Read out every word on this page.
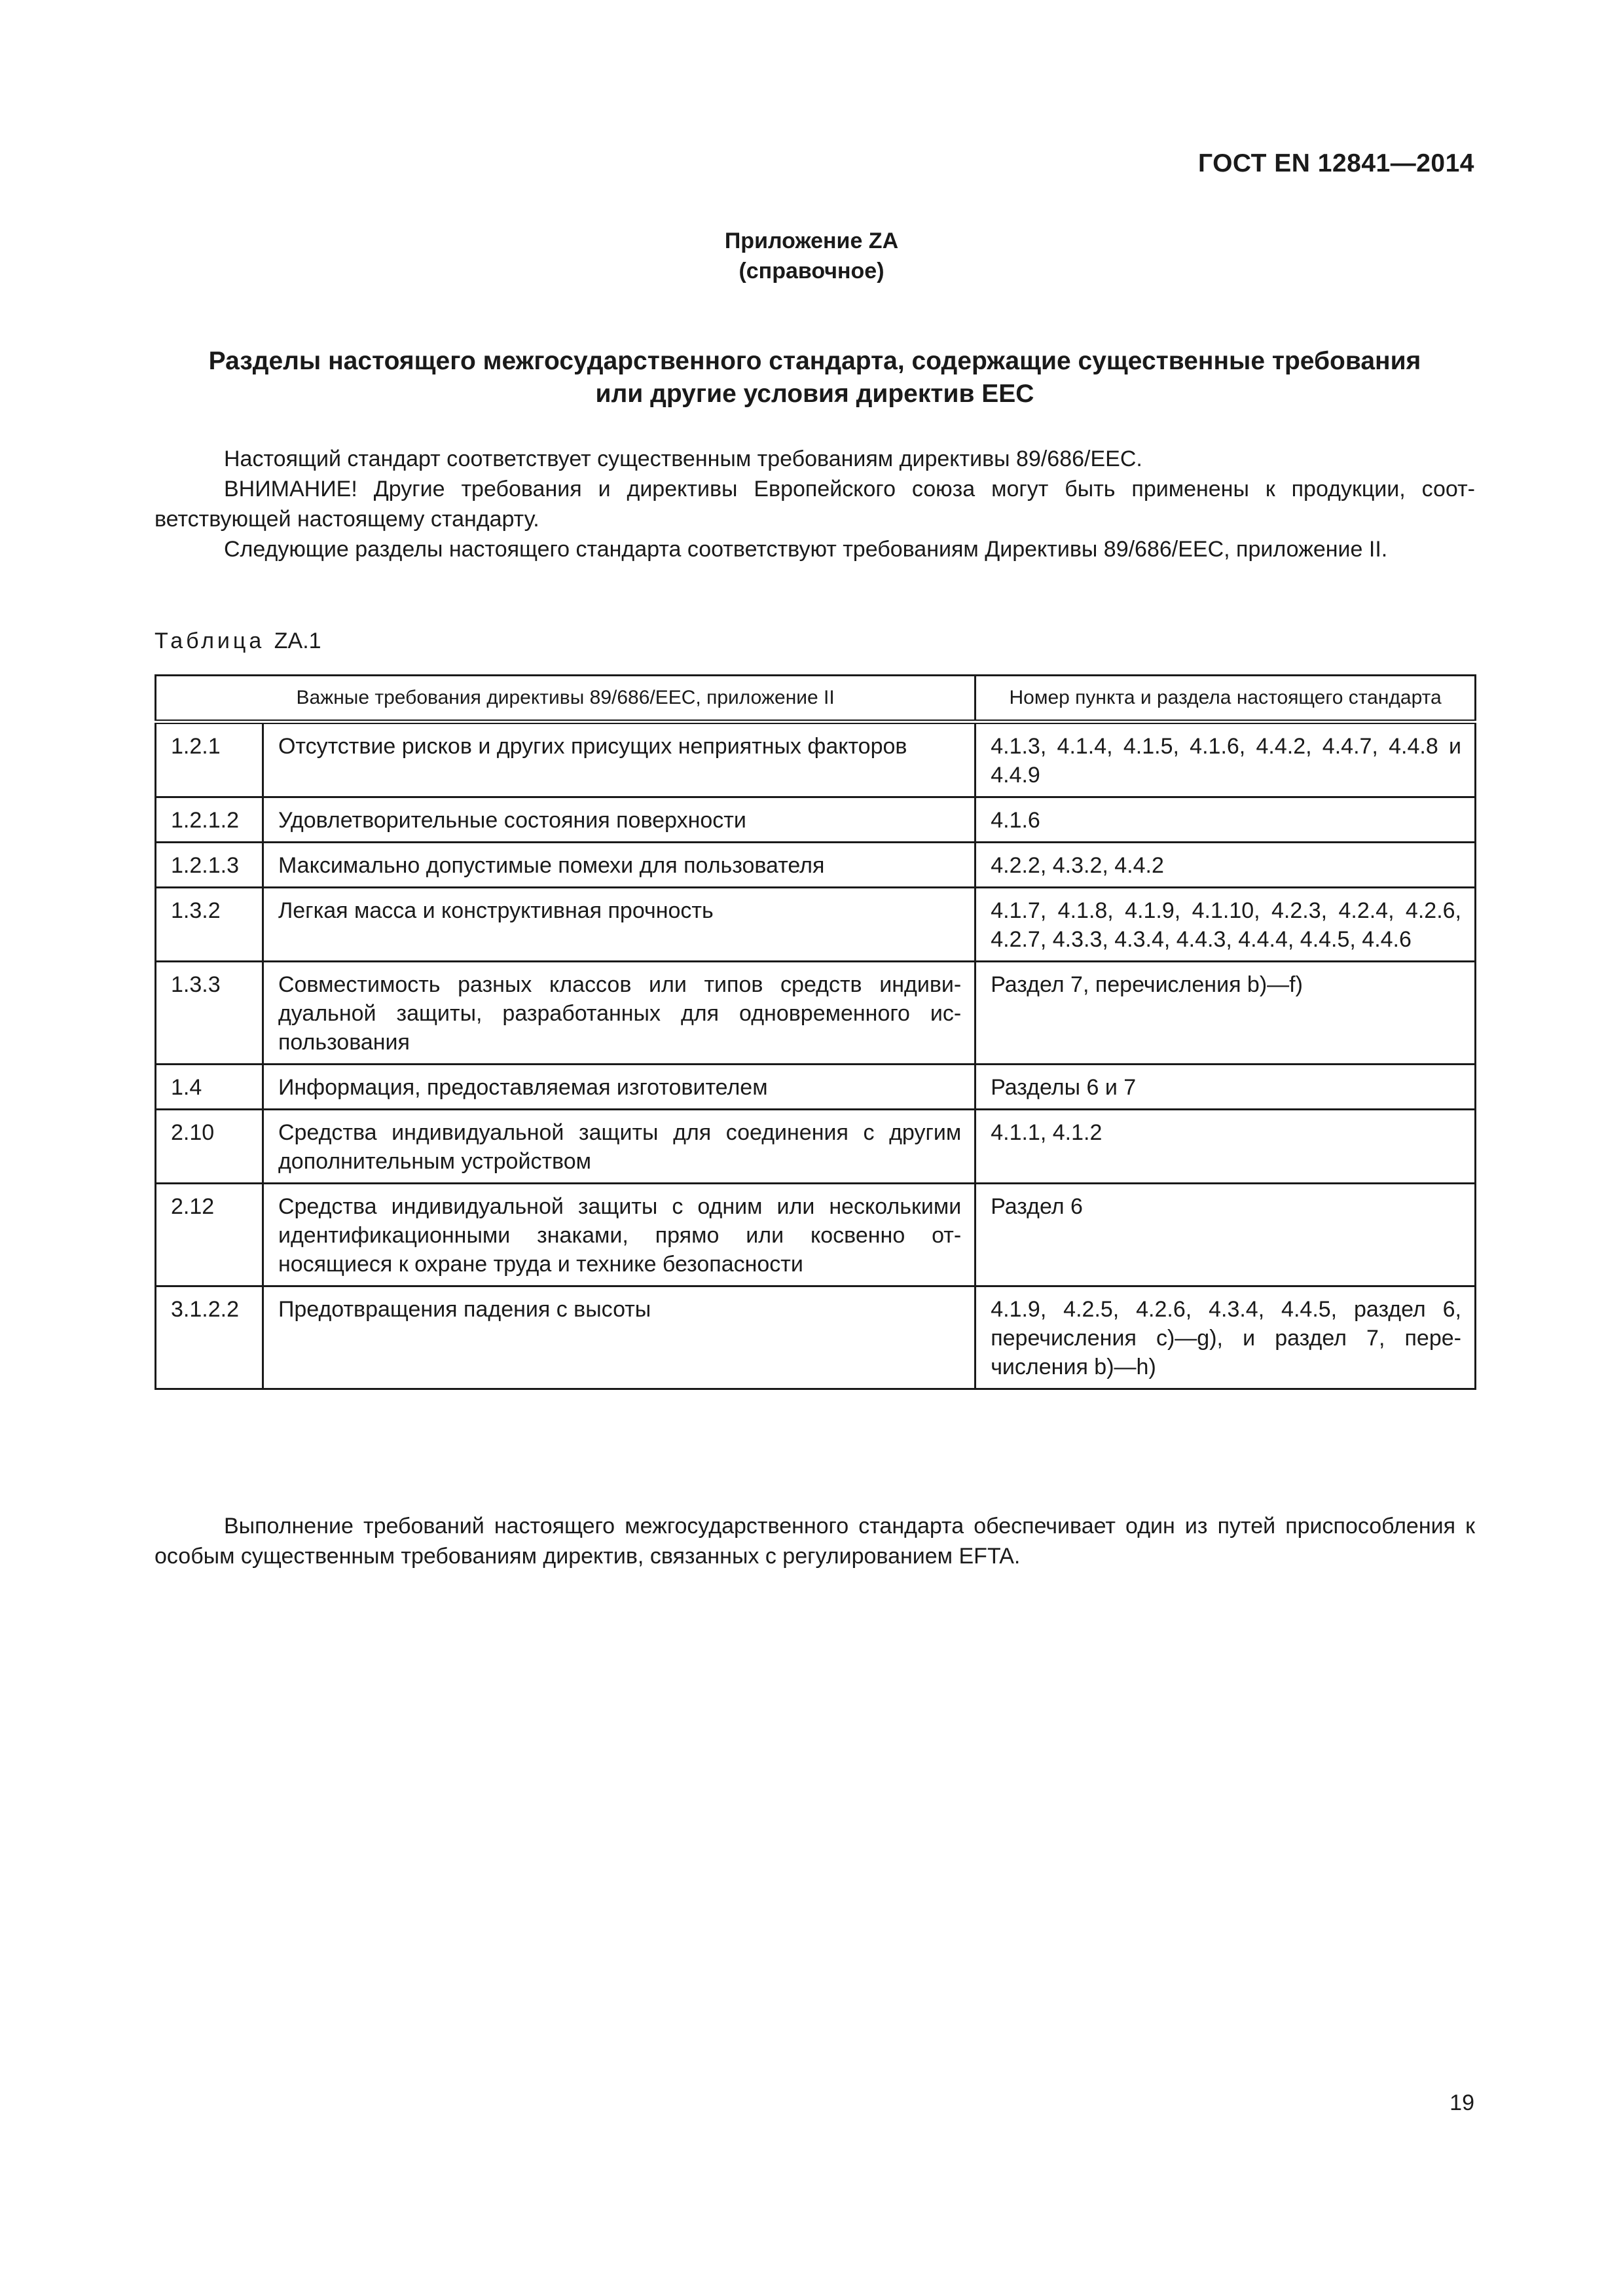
ГОСТ EN 12841—2014
Приложение ZA
(справочное)
Разделы настоящего межгосударственного стандарта, содержащие существенные требования
или другие условия директив EEC

Настоящий стандарт соответствует существенным требованиям директивы 89/686/EEC.

ВНИМАНИЕ! Другие требования и директивы Европейского союза могут быть применены к продукции, соответствующей настоящему стандарту.

Следующие разделы настоящего стандарта соответствуют требованиям Директивы 89/686/EEC, приложение II.

Таблица ZA.1
Важные требования директивы 89/686/EEC, приложение II		Номер пункта и раздела настоящего стандарта
1.2.1	Отсутствие рисков и других присущих неприятных факторов	4.1.3, 4.1.4, 4.1.5, 4.1.6, 4.4.2, 4.4.7, 4.4.8 и 4.4.9
1.2.1.2	Удовлетворительные состояния поверхности	4.1.6
1.2.1.3	Максимально допустимые помехи для пользователя	4.2.2, 4.3.2, 4.4.2
1.3.2	Легкая масса и конструктивная прочность	4.1.7, 4.1.8, 4.1.9, 4.1.10, 4.2.3, 4.2.4, 4.2.6, 4.2.7, 4.3.3, 4.3.4, 4.4.3, 4.4.4, 4.4.5, 4.4.6
1.3.3	Совместимость разных классов или типов средств индивидуальной защиты, разработанных для одновременного использования	Раздел 7, перечисления b)—f)
1.4	Информация, предоставляемая изготовителем	Разделы 6 и 7
2.10	Средства индивидуальной защиты для соединения с другим дополнительным устройством	4.1.1, 4.1.2
2.12	Средства индивидуальной защиты с одним или несколькими идентификационными знаками, прямо или косвенно относящиеся к охране труда и технике безопасности	Раздел 6
3.1.2.2	Предотвращения падения с высоты	4.1.9, 4.2.5, 4.2.6, 4.3.4, 4.4.5, раздел 6, перечисления с)—g), и раздел 7, перечисления b)—h)

Выполнение требований настоящего межгосударственного стандарта обеспечивает один из путей приспособления к особым существенным требованиям директив, связанных с регулированием EFTA.

19
